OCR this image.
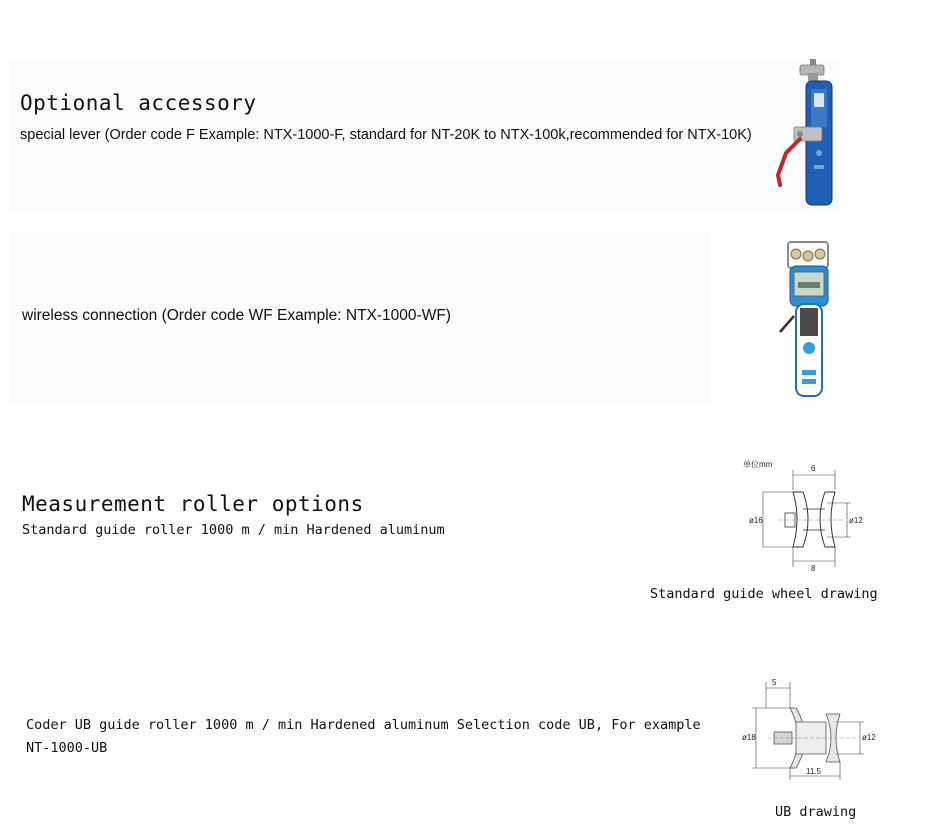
Optional accessory
special lever (Order code F Example: NTX-1000-F, standard for NT-20K to NTX-100k,recommended for NTX-10K)
wireless connection (Order code WF Example: NTX-1000-WF)
Measurement roller options
Standard guide roller 1000 m / min Hardened aluminum
单位mm	6
ø16	ø12
8
Standard guide wheel drawing
Coder UB guide roller 1000 m / min Hardened aluminum Selection code UB, For example
NT-1000-UB
5
ø18	ø12
11.5
UB drawing
